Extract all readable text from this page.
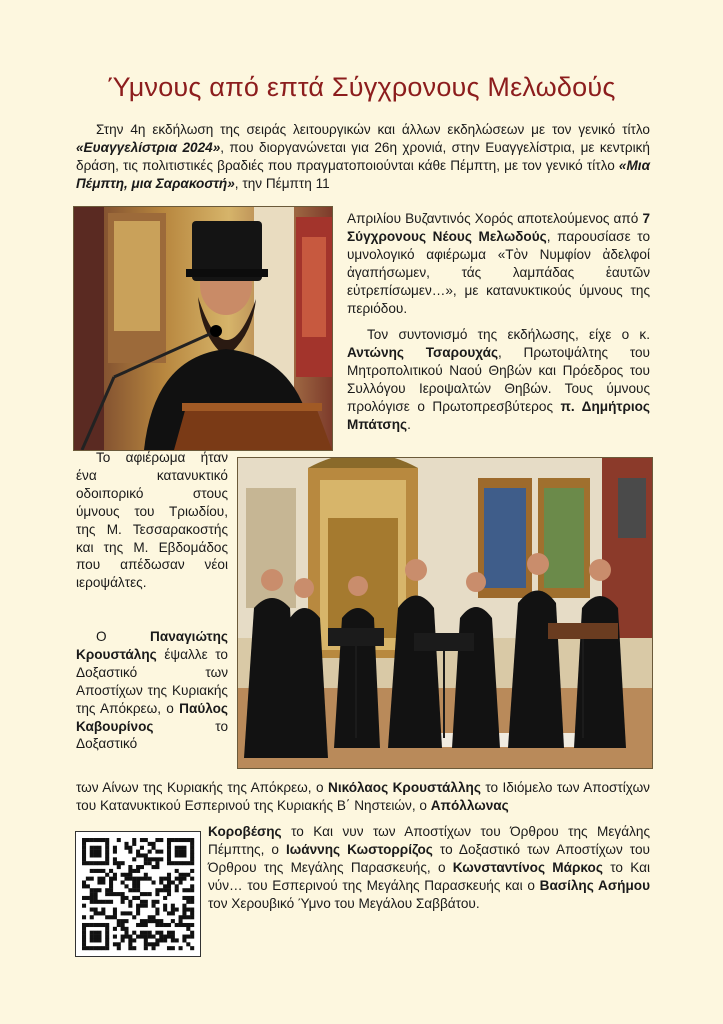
Ύμνους από επτά Σύγχρονους Μελωδούς

Στην 4η εκδήλωση της σειράς λειτουργικών και άλλων εκδηλώσεων με τον γενικό τίτλο «Ευαγγελίστρια 2024», που διοργανώνεται για 26η χρονιά, στην Ευαγγελίστρια, με κεντρική δράση, τις πολιτιστικές βραδιές που πραγματοποιούνται κάθε Πέμπτη, με τον γενικό τίτλο «Μια Πέμπτη, μια Σαρακοστή», την Πέμπτη 11

Απριλίου Βυζαντινός Χορός αποτελούμενος από 7 Σύγχρονους Νέους Μελωδούς, παρουσίασε το υμνολογικό αφιέρωμα «Τὸν Νυμφίον ἀδελφοί ἀγαπήσωμεν, τάς λαμπάδας ἑαυτῶν εὐτρεπίσωμεν…», με κατανυκτικούς ύμνους της περιόδου.

Τον συντονισμό της εκδήλωσης, είχε ο κ. Αντώνης Τσαρουχάς, Πρωτοψάλτης του Μητροπολιτικού Ναού Θηβών και Πρόεδρος του Συλλόγου Ιεροψαλτών Θηβών. Τους ύμνους προλόγισε ο Πρωτοπρεσβύτερος π. Δημήτριος Μπάτσης.

Το αφιέρωμα ήταν ένα κατανυκτικό οδοιπορικό στους ύμνους του Τριωδίου, της Μ. Τεσσαρακοστής και της Μ. Εβδομάδος που απέδωσαν νέοι ιεροψάλτες.

Ο Παναγιώτης Κρουστάλης έψαλλε το Δοξαστικό των Αποστίχων της Κυριακής της Απόκρεω, ο Παύλος Καβουρίνος το Δοξαστικό

των Αίνων της Κυριακής της Απόκρεω, ο Νικόλαος Κρουστάλλης το Ιδιόμελο των Αποστίχων του Κατανυκτικού Εσπερινού της Κυριακής Β΄ Νηστειών, ο Απόλλωνας

Κοροβέσης το Και νυν των Αποστίχων του Όρθρου της Μεγάλης Πέμπτης, ο Ιωάννης Κωστορρίζος το Δοξαστικό των Αποστίχων του Όρθρου της Μεγάλης Παρασκευής, ο Κωνσταντίνος Μάρκος το Και νύν… του Εσπερινού της Μεγάλης Παρασκευής και ο Βασίλης Ασήμου τον Χερουβικό Ύμνο του Μεγάλου Σαββάτου.
